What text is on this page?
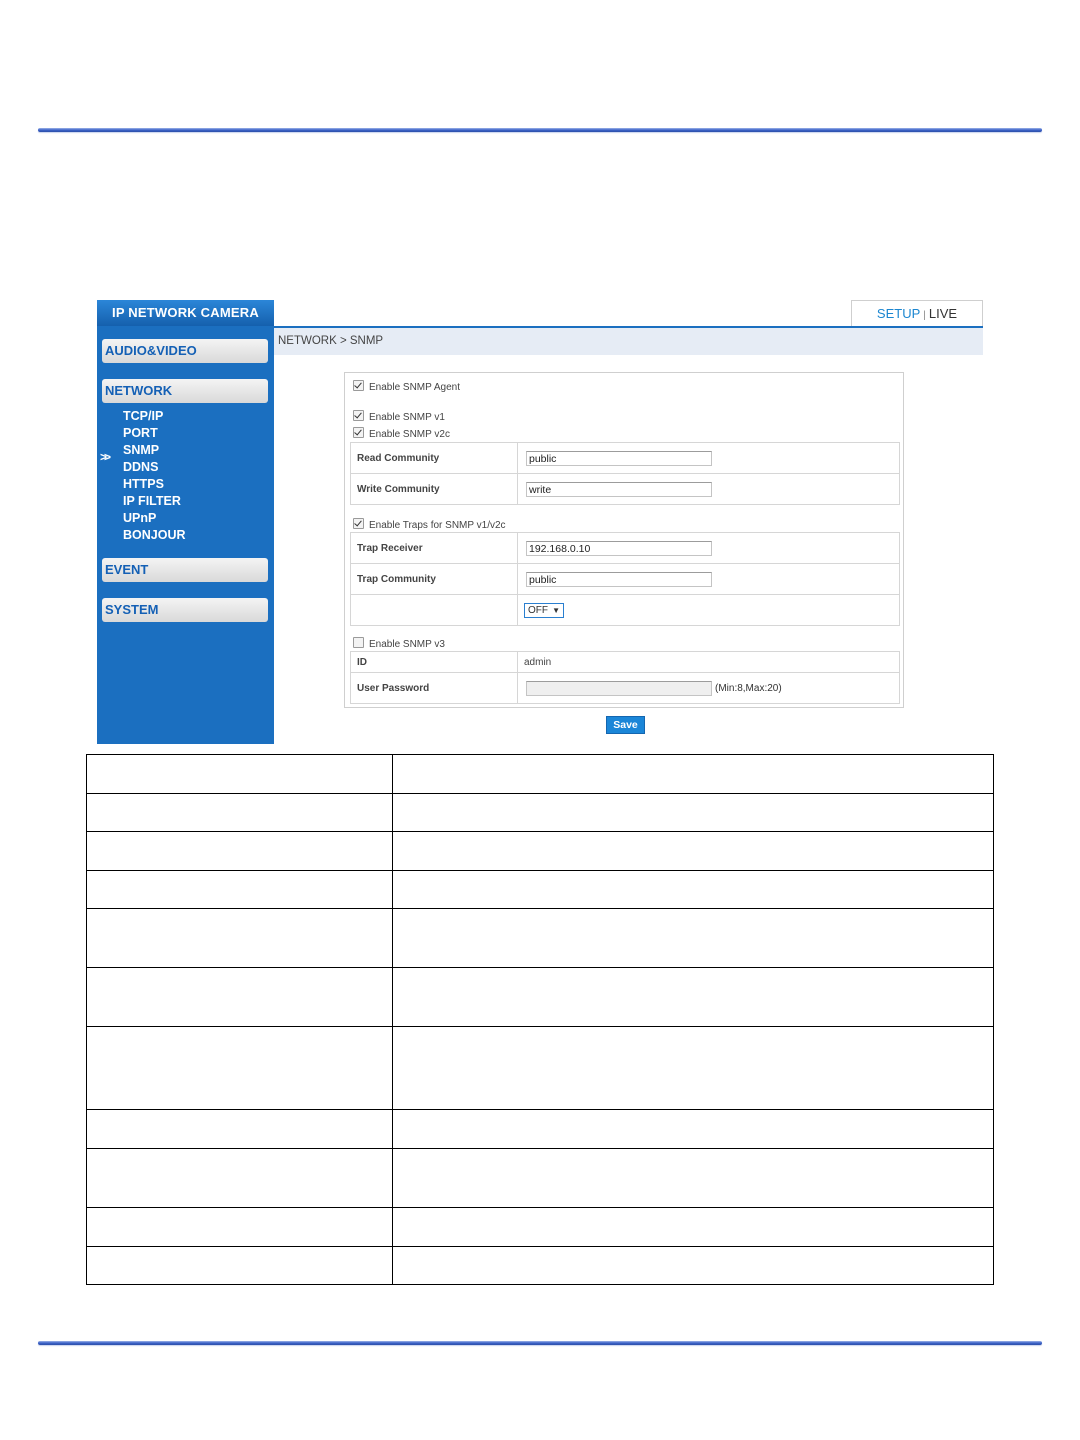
IP NETWORK CAMERA
AUDIO&VIDEO
NETWORK
TCP/IP
PORT
>> SNMP
DDNS
HTTPS
IP FILTER
UPnP
BONJOUR
EVENT
SYSTEM
SETUP | LIVE
NETWORK > SNMP
Enable SNMP Agent
Enable SNMP v1
Enable SNMP v2c
Read Community	public
Write Community	write
Enable Traps for SNMP v1/v2c
Trap Receiver	192.168.0.10
Trap Community	public
	OFF ▼
Enable SNMP v3
ID	admin
User Password	(Min:8,Max:20)
Save
